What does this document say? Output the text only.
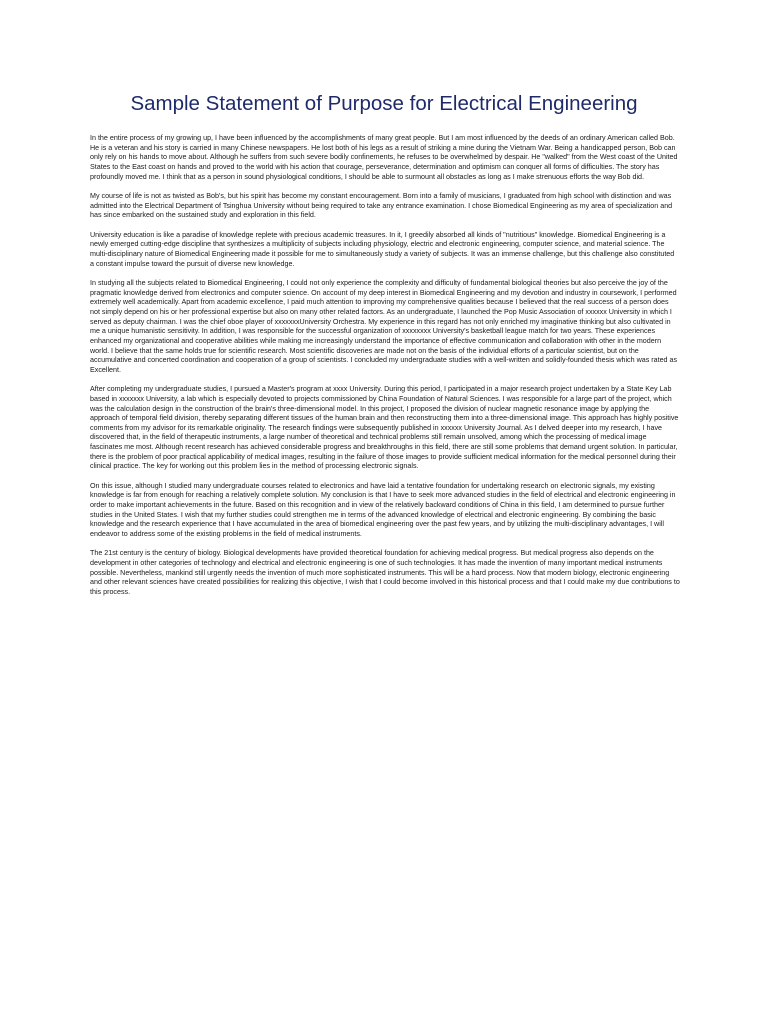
Sample Statement of Purpose for Electrical Engineering

In the entire process of my growing up, I have been influenced by the accomplishments of many great people. But I am most influenced by the deeds of an ordinary American called Bob. He is a veteran and his story is carried in many Chinese newspapers. He lost both of his legs as a result of striking a mine during the Vietnam War. Being a handicapped person, Bob can only rely on his hands to move about. Although he suffers from such severe bodily confinements, he refuses to be overwhelmed by despair. He "walked" from the West coast of the United States to the East coast on hands and proved to the world with his action that courage, perseverance, determination and optimism can conquer all forms of difficulties. The story has profoundly moved me. I think that as a person in sound physiological conditions, I should be able to surmount all obstacles as long as I make strenuous efforts the way Bob did.

My course of life is not as twisted as Bob's, but his spirit has become my constant encouragement. Born into a family of musicians, I graduated from high school with distinction and was admitted into the Electrical Department of Tsinghua University without being required to take any entrance examination. I chose Biomedical Engineering as my area of specialization and has since embarked on the sustained study and exploration in this field.

University education is like a paradise of knowledge replete with precious academic treasures. In it, I greedily absorbed all kinds of "nutritious" knowledge. Biomedical Engineering is a newly emerged cutting-edge discipline that synthesizes a multiplicity of subjects including physiology, electric and electronic engineering, computer science, and material science. The multi-disciplinary nature of Biomedical Engineering made it possible for me to simultaneously study a variety of subjects. It was an immense challenge, but this challenge also constituted a constant impulse toward the pursuit of diverse new knowledge.

In studying all the subjects related to Biomedical Engineering, I could not only experience the complexity and difficulty of fundamental biological theories but also perceive the joy of the pragmatic knowledge derived from electronics and computer science. On account of my deep interest in Biomedical Engineering and my devotion and industry in coursework, I performed extremely well academically. Apart from academic excellence, I paid much attention to improving my comprehensive qualities because I believed that the real success of a person does not simply depend on his or her professional expertise but also on many other related factors. As an undergraduate, I launched the Pop Music Association of xxxxxx University in which I served as deputy chairman. I was the chief oboe player of xxxxxxxUniversity Orchestra. My experience in this regard has not only enriched my imaginative thinking but also cultivated in me a unique humanistic sensitivity. In addition, I was responsible for the successful organization of xxxxxxxx University's basketball league match for two years. These experiences enhanced my organizational and cooperative abilities while making me increasingly understand the importance of effective communication and collaboration with other in the modern world. I believe that the same holds true for scientific research. Most scientific discoveries are made not on the basis of the individual efforts of a particular scientist, but on the accumulative and concerted coordination and cooperation of a group of scientists. I concluded my undergraduate studies with a well-written and solidly-founded thesis which was rated as Excellent.

After completing my undergraduate studies, I pursued a Master's program at xxxx University. During this period, I participated in a major research project undertaken by a State Key Lab based in xxxxxxx University, a lab which is especially devoted to projects commissioned by China Foundation of Natural Sciences. I was responsible for a large part of the project, which was the calculation design in the construction of the brain's three-dimensional model. In this project, I proposed the division of nuclear magnetic resonance image by applying the approach of temporal field division, thereby separating different tissues of the human brain and then reconstructing them into a three-dimensional image. This approach has highly positive comments from my advisor for its remarkable originality. The research findings were subsequently published in xxxxxx University Journal. As I delved deeper into my research, I have discovered that, in the field of therapeutic instruments, a large number of theoretical and technical problems still remain unsolved, among which the processing of medical image fascinates me most. Although recent research has achieved considerable progress and breakthroughs in this field, there are still some problems that demand urgent solution. In particular, there is the problem of poor practical applicability of medical images, resulting in the failure of those images to provide sufficient medical information for the medical personnel during their clinical practice. The key for working out this problem lies in the method of processing electronic signals.

On this issue, although I studied many undergraduate courses related to electronics and have laid a tentative foundation for undertaking research on electronic signals, my existing knowledge is far from enough for reaching a relatively complete solution. My conclusion is that I have to seek more advanced studies in the field of electrical and electronic engineering in order to make important achievements in the future. Based on this recognition and in view of the relatively backward conditions of China in this field, I am determined to pursue further studies in the United States. I wish that my further studies could strengthen me in terms of the advanced knowledge of electrical and electronic engineering. By combining the basic knowledge and the research experience that I have accumulated in the area of biomedical engineering over the past few years, and by utilizing the multi-disciplinary advantages, I will endeavor to address some of the existing problems in the field of medical instruments.

The 21st century is the century of biology. Biological developments have provided theoretical foundation for achieving medical progress. But medical progress also depends on the development in other categories of technology and electrical and electronic engineering is one of such technologies. It has made the invention of many important medical instruments possible. Nevertheless, mankind still urgently needs the invention of much more sophisticated instruments. This will be a hard process. Now that modern biology, electronic engineering and other relevant sciences have created possibilities for realizing this objective, I wish that I could become involved in this historical process and that I could make my due contributions to this process.
